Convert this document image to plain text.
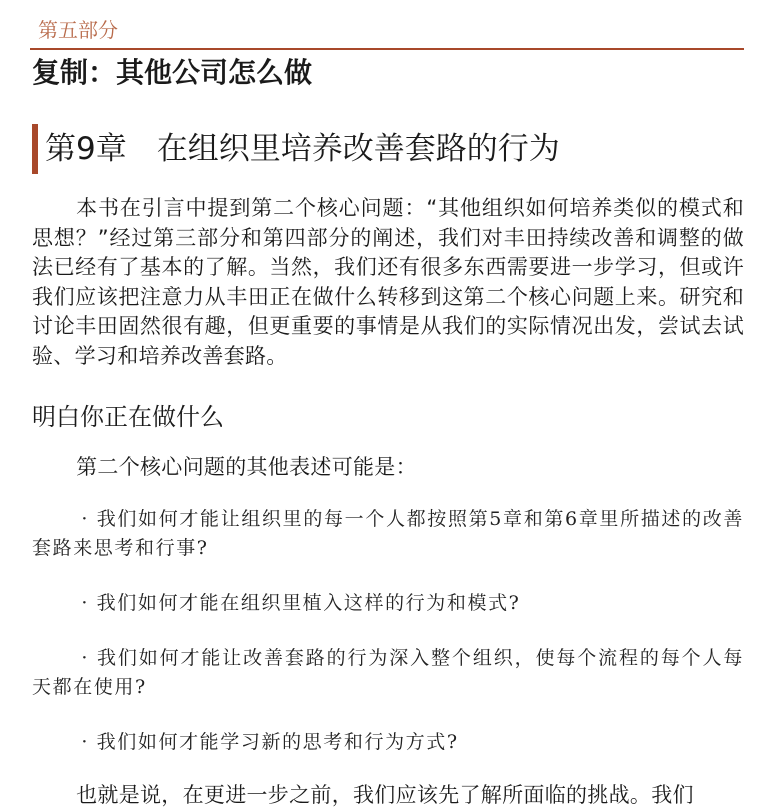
第五部分
复制：其他公司怎么做
第9章 在组织里培养改善套路的行为

本书在引言中提到第二个核心问题：“其他组织如何培养类似的模式和思想？”经过第三部分和第四部分的阐述，我们对丰田持续改善和调整的做法已经有了基本的了解。当然，我们还有很多东西需要进一步学习，但或许我们应该把注意力从丰田正在做什么转移到这第二个核心问题上来。研究和讨论丰田固然很有趣，但更重要的事情是从我们的实际情况出发，尝试去试验、学习和培养改善套路。

明白你正在做什么

第二个核心问题的其他表述可能是：

· 我们如何才能让组织里的每一个人都按照第5章和第6章里所描述的改善套路来思考和行事?
· 我们如何才能在组织里植入这样的行为和模式?
· 我们如何才能让改善套路的行为深入整个组织，使每个流程的每个人每天都在使用?
· 我们如何才能学习新的思考和行为方式?

也就是说，在更进一步之前，我们应该先了解所面临的挑战。我们
